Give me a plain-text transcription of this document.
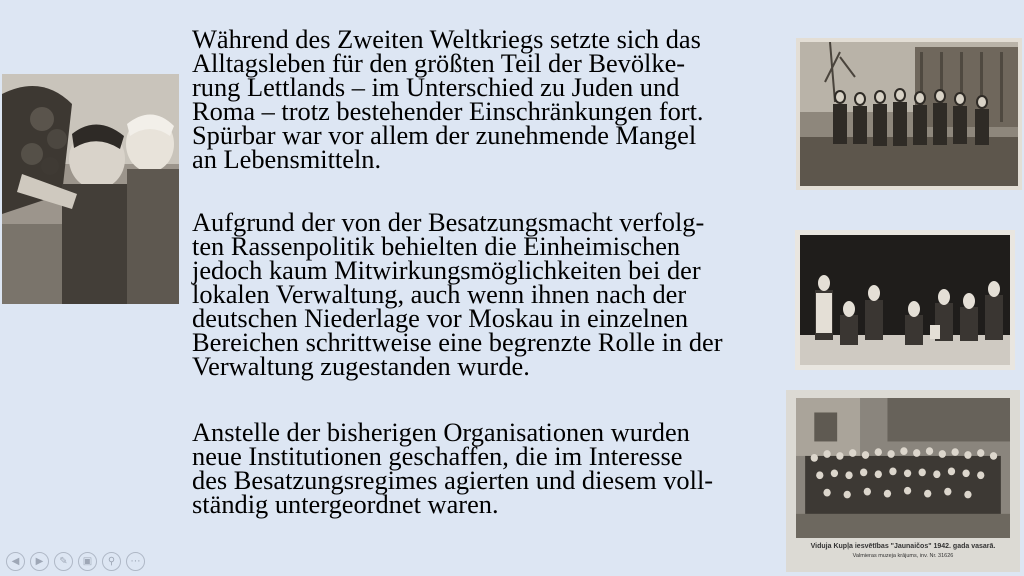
Während des Zweiten Weltkriegs setzte sich das
Alltagsleben für den größten Teil der Bevölke-
rung Lettlands – im Unterschied zu Juden und
Roma – trotz bestehender Einschränkungen fort.
Spürbar war vor allem der zunehmende Mangel
an Lebensmitteln.
Aufgrund der von der Besatzungsmacht verfolg-
ten Rassenpolitik behielten die Einheimischen
jedoch kaum Mitwirkungsmöglichkeiten bei der
lokalen Verwaltung, auch wenn ihnen nach der
deutschen Niederlage vor Moskau in einzelnen
Bereichen schrittweise eine begrenzte Rolle in der
Verwaltung zugestanden wurde.
Anstelle der bisherigen Organisationen wurden
neue Institutionen geschaffen, die im Interesse
des Besatzungsregimes agierten und diesem voll-
ständig untergeordnet waren.
Viduja Kupļa iesvētības "Jaunaičos" 1942. gada vasarā.
Valmieras muzeja krājums, inv. Nr. 31626
◀	▶	✎	▣	⚲	⋯
